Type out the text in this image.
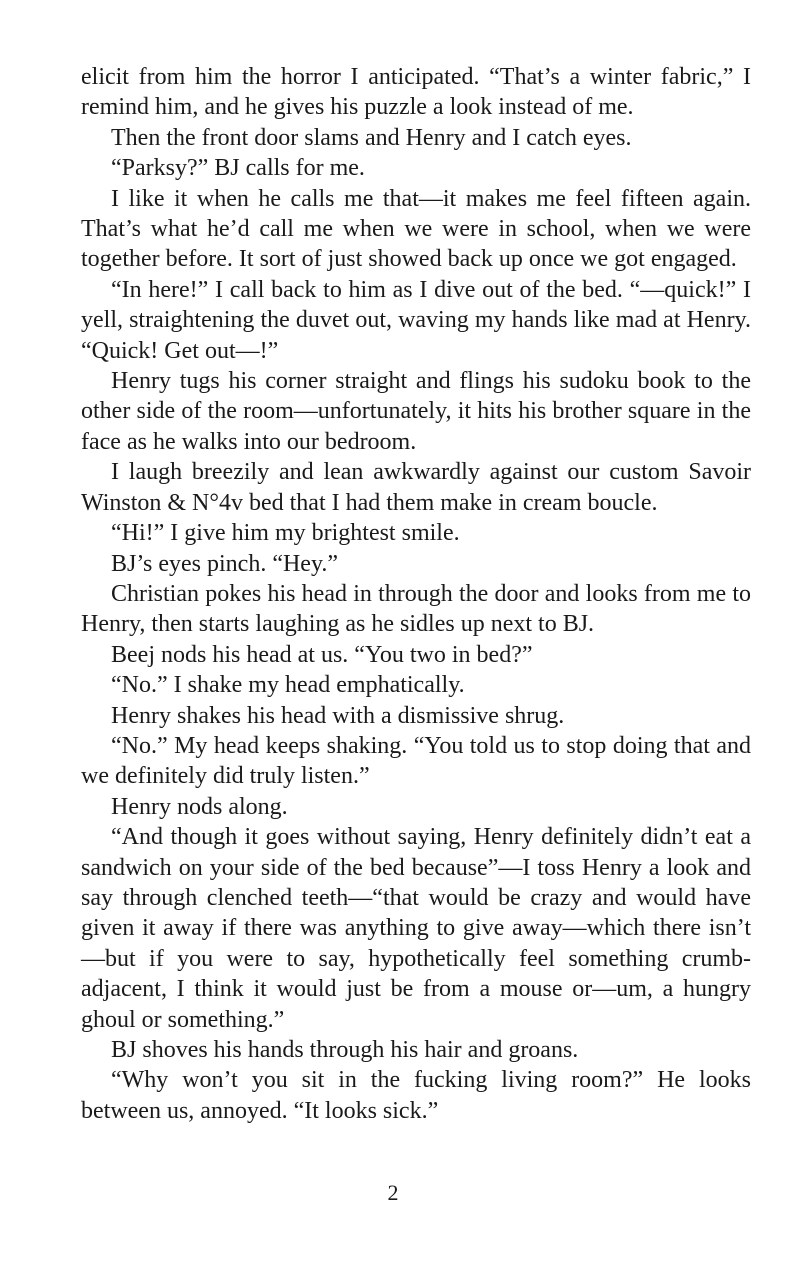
elicit from him the horror I anticipated. “That’s a winter fabric,” I remind him, and he gives his puzzle a look instead of me.

Then the front door slams and Henry and I catch eyes.

“Parksy?” BJ calls for me.

I like it when he calls me that—it makes me feel fifteen again. That’s what he’d call me when we were in school, when we were together before. It sort of just showed back up once we got engaged.

“In here!” I call back to him as I dive out of the bed. “—quick!” I yell, straightening the duvet out, waving my hands like mad at Henry. “Quick! Get out—!”

Henry tugs his corner straight and flings his sudoku book to the other side of the room—unfortunately, it hits his brother square in the face as he walks into our bedroom.

I laugh breezily and lean awkwardly against our custom Savoir Winston & N°4v bed that I had them make in cream boucle.

“Hi!” I give him my brightest smile.

BJ’s eyes pinch. “Hey.”

Christian pokes his head in through the door and looks from me to Henry, then starts laughing as he sidles up next to BJ.

Beej nods his head at us. “You two in bed?”

“No.” I shake my head emphatically.

Henry shakes his head with a dismissive shrug.

“No.” My head keeps shaking. “You told us to stop doing that and we definitely did truly listen.”

Henry nods along.

“And though it goes without saying, Henry definitely didn’t eat a sandwich on your side of the bed because”—I toss Henry a look and say through clenched teeth—“that would be crazy and would have given it away if there was anything to give away—which there isn’t—but if you were to say, hypothetically feel something crumb-adjacent, I think it would just be from a mouse or—um, a hungry ghoul or something.”

BJ shoves his hands through his hair and groans.

“Why won’t you sit in the fucking living room?” He looks between us, annoyed. “It looks sick.”

2
